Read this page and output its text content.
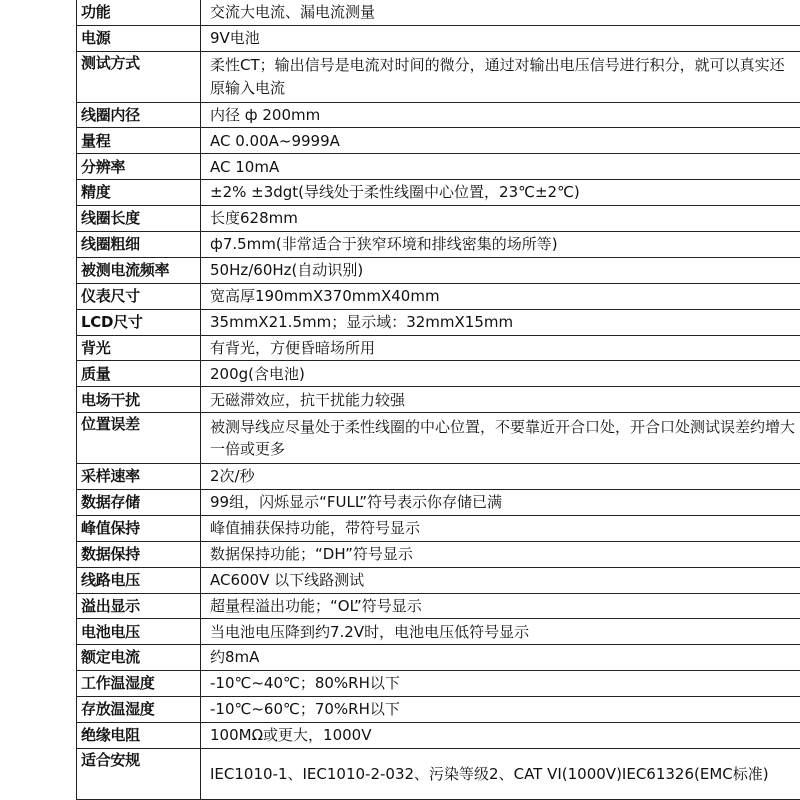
功能	交流大电流、漏电流测量
电源	9V电池
测试方式	柔性CT；输出信号是电流对时间的微分，通过对输出电压信号进行积分，就可以真实还原输入电流
线圈内径	内径 ф 200mm
量程	AC 0.00A~9999A
分辨率	AC 10mA
精度	±2% ±3dgt(导线处于柔性线圈中心位置，23℃±2℃)
线圈长度	长度628mm
线圈粗细	ф7.5mm(非常适合于狭窄环境和排线密集的场所等)
被测电流频率	50Hz/60Hz(自动识别)
仪表尺寸	宽高厚190mmX370mmX40mm
LCD尺寸	35mmX21.5mm；显示域：32mmX15mm
背光	有背光，方便昏暗场所用
质量	200g(含电池)
电场干扰	无磁滞效应，抗干扰能力较强
位置误差	被测导线应尽量处于柔性线圈的中心位置，不要靠近开合口处，开合口处测试误差约增大一倍或更多
采样速率	2次/秒
数据存储	99组，闪烁显示“FULL”符号表示你存储已满
峰值保持	峰值捕获保持功能，带符号显示
数据保持	数据保持功能；“DH”符号显示
线路电压	AC600V 以下线路测试
溢出显示	超量程溢出功能；“OL”符号显示
电池电压	当电池电压降到约7.2V时，电池电压低符号显示
额定电流	约8mA
工作温湿度	-10℃~40℃；80%RH以下
存放温湿度	-10℃~60℃；70%RH以下
绝缘电阻	100MΩ或更大，1000V
适合安规	IEC1010-1、IEC1010-2-032、污染等级2、CAT VI(1000V)IEC61326(EMC标准)
